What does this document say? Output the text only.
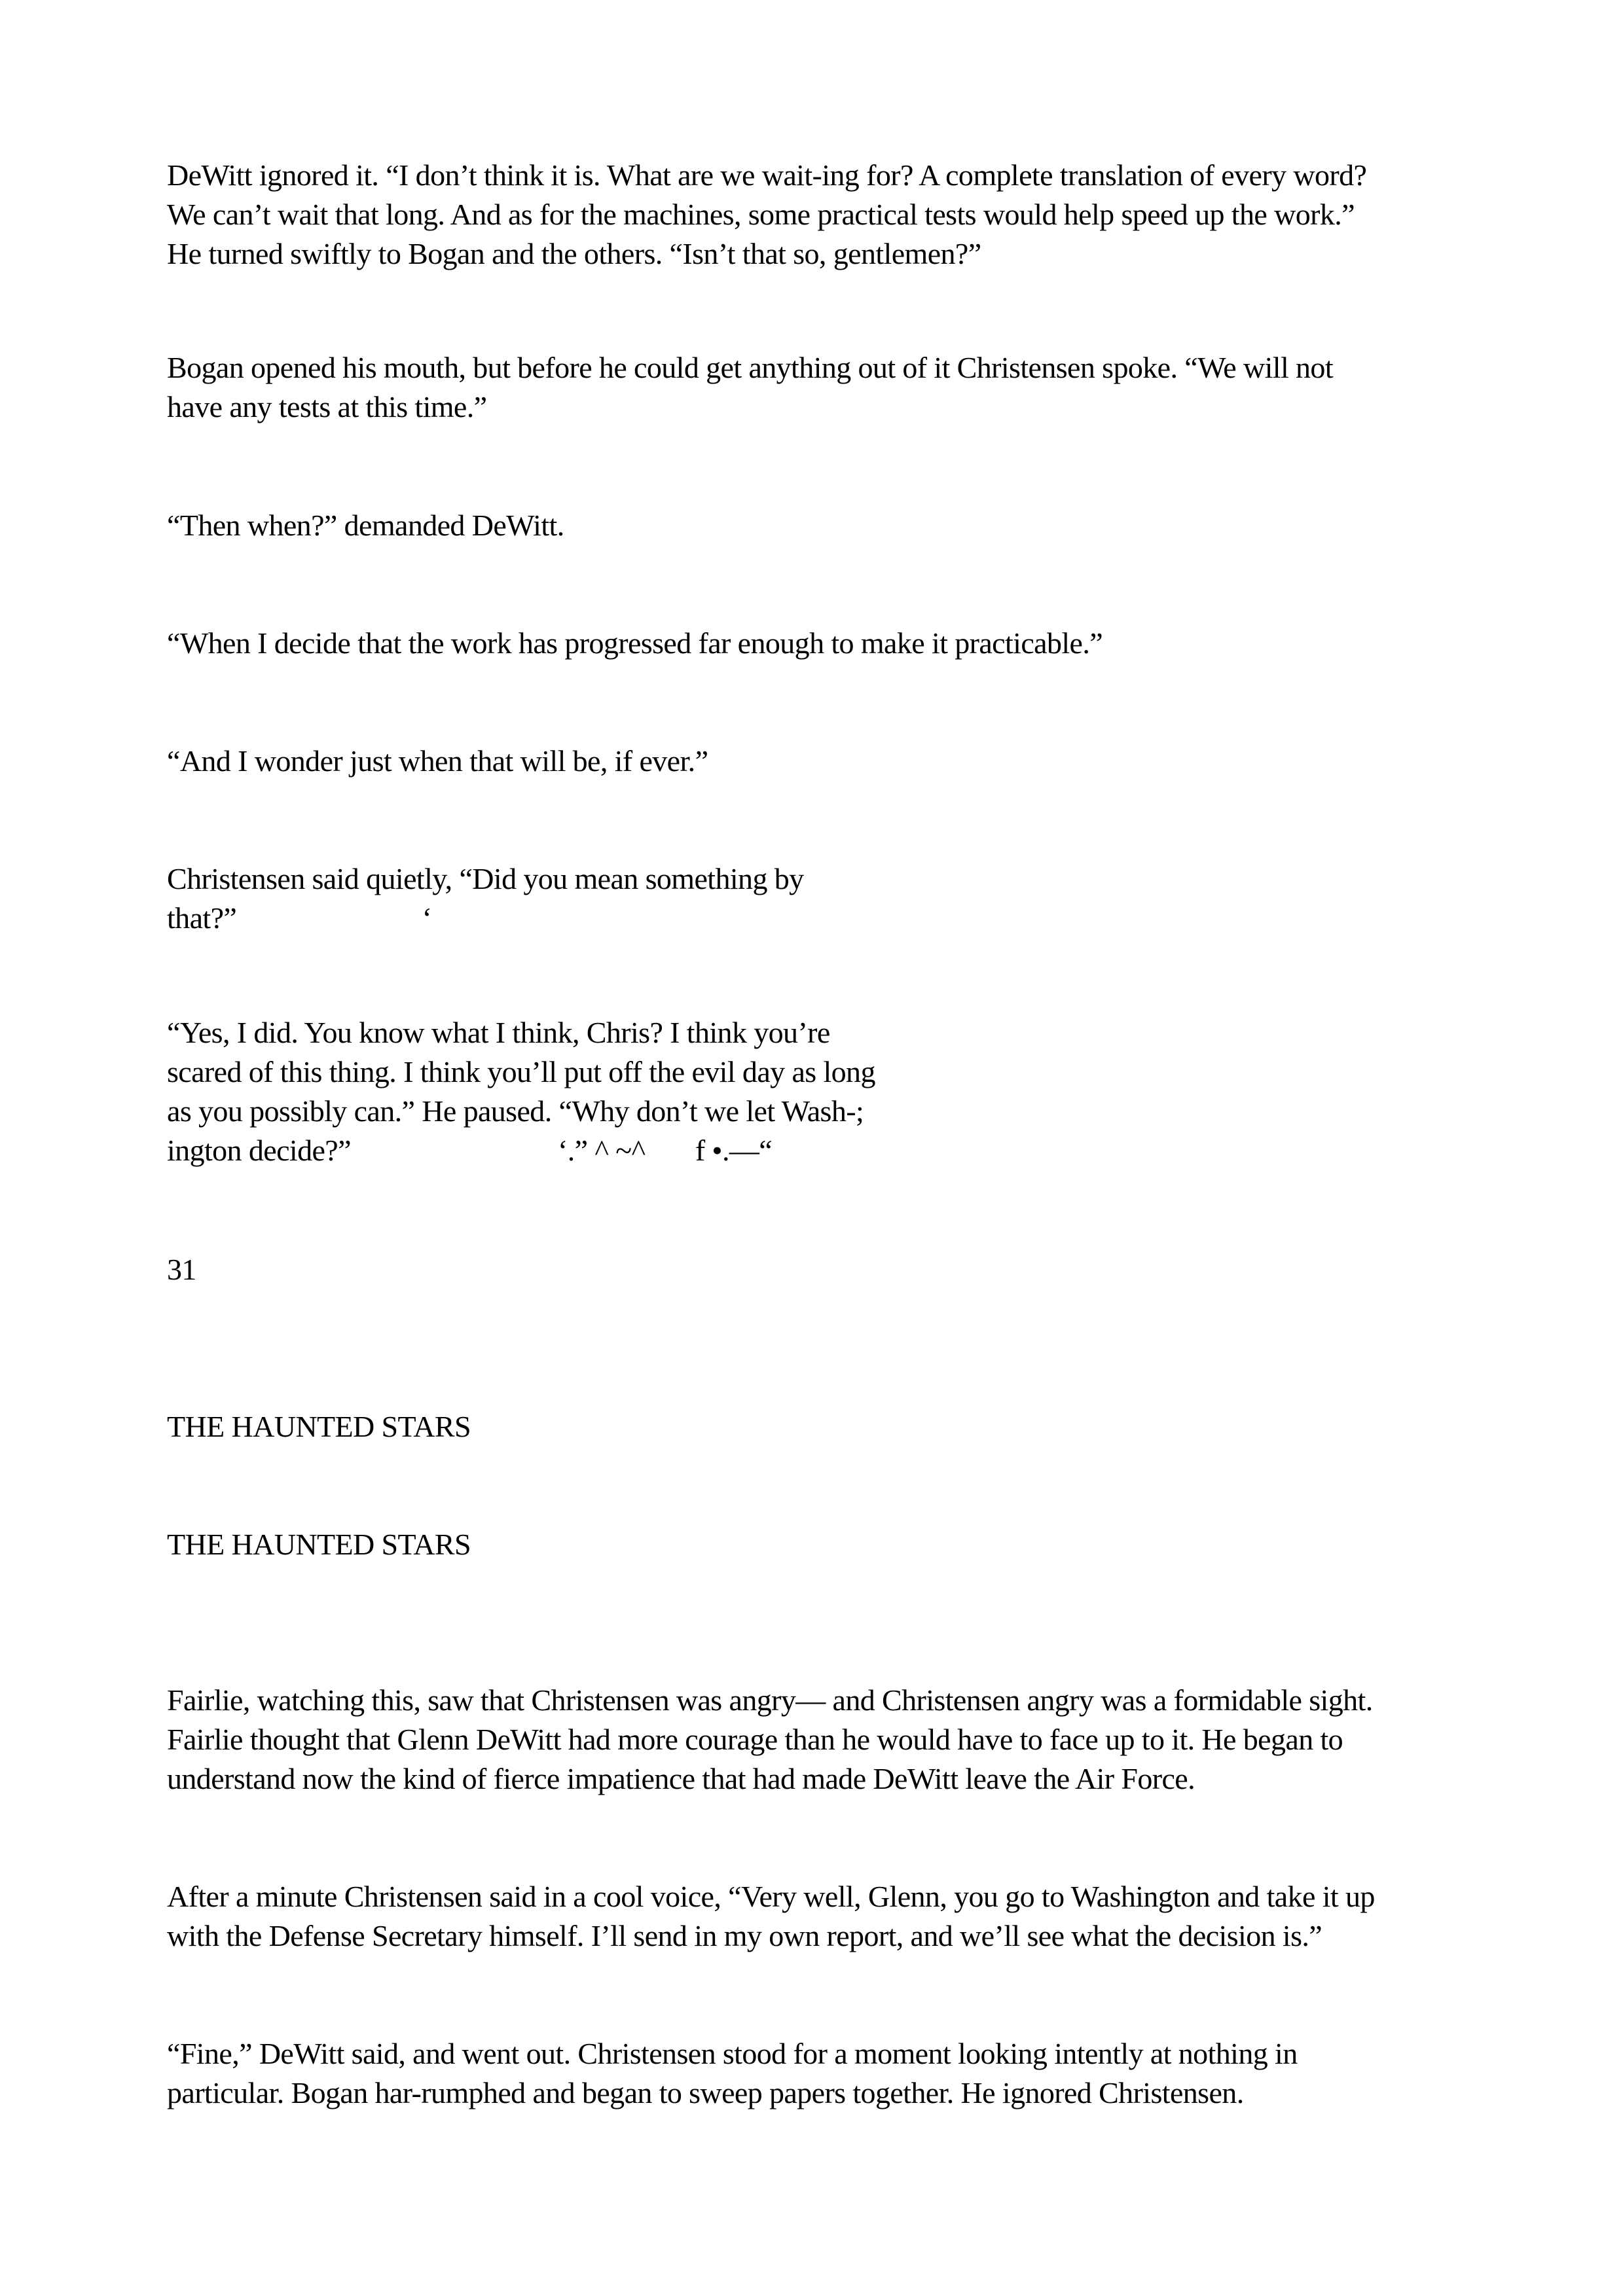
DeWitt ignored it. “I don’t think it is. What are we wait-ing for? A complete translation of every word?
We can’t wait that long. And as for the machines, some practical tests would help speed up the work.”
He turned swiftly to Bogan and the others. “Isn’t that so, gentlemen?”

Bogan opened his mouth, but before he could get anything out of it Christensen spoke. “We will not
have any tests at this time.”

“Then when?” demanded DeWitt.

“When I decide that the work has progressed far enough to make it practicable.”

“And I wonder just when that will be, if ever.”

Christensen said quietly, “Did you mean something by
that?”                          ‘

“Yes, I did. You know what I think, Chris? I think you’re
scared of this thing. I think you’ll put off the evil day as long
as you possibly can.” He paused. “Why don’t we let Wash-;
ington decide?”                             ‘.” ^ ~^       f •.—“

31

THE HAUNTED STARS

THE HAUNTED STARS

Fairlie, watching this, saw that Christensen was angry— and Christensen angry was a formidable sight.
Fairlie thought that Glenn DeWitt had more courage than he would have to face up to it. He began to
understand now the kind of fierce impatience that had made DeWitt leave the Air Force.

After a minute Christensen said in a cool voice, “Very well, Glenn, you go to Washington and take it up
with the Defense Secretary himself. I’ll send in my own report, and we’ll see what the decision is.”

“Fine,” DeWitt said, and went out. Christensen stood for a moment looking intently at nothing in
particular. Bogan har-rumphed and began to sweep papers together. He ignored Christensen.
